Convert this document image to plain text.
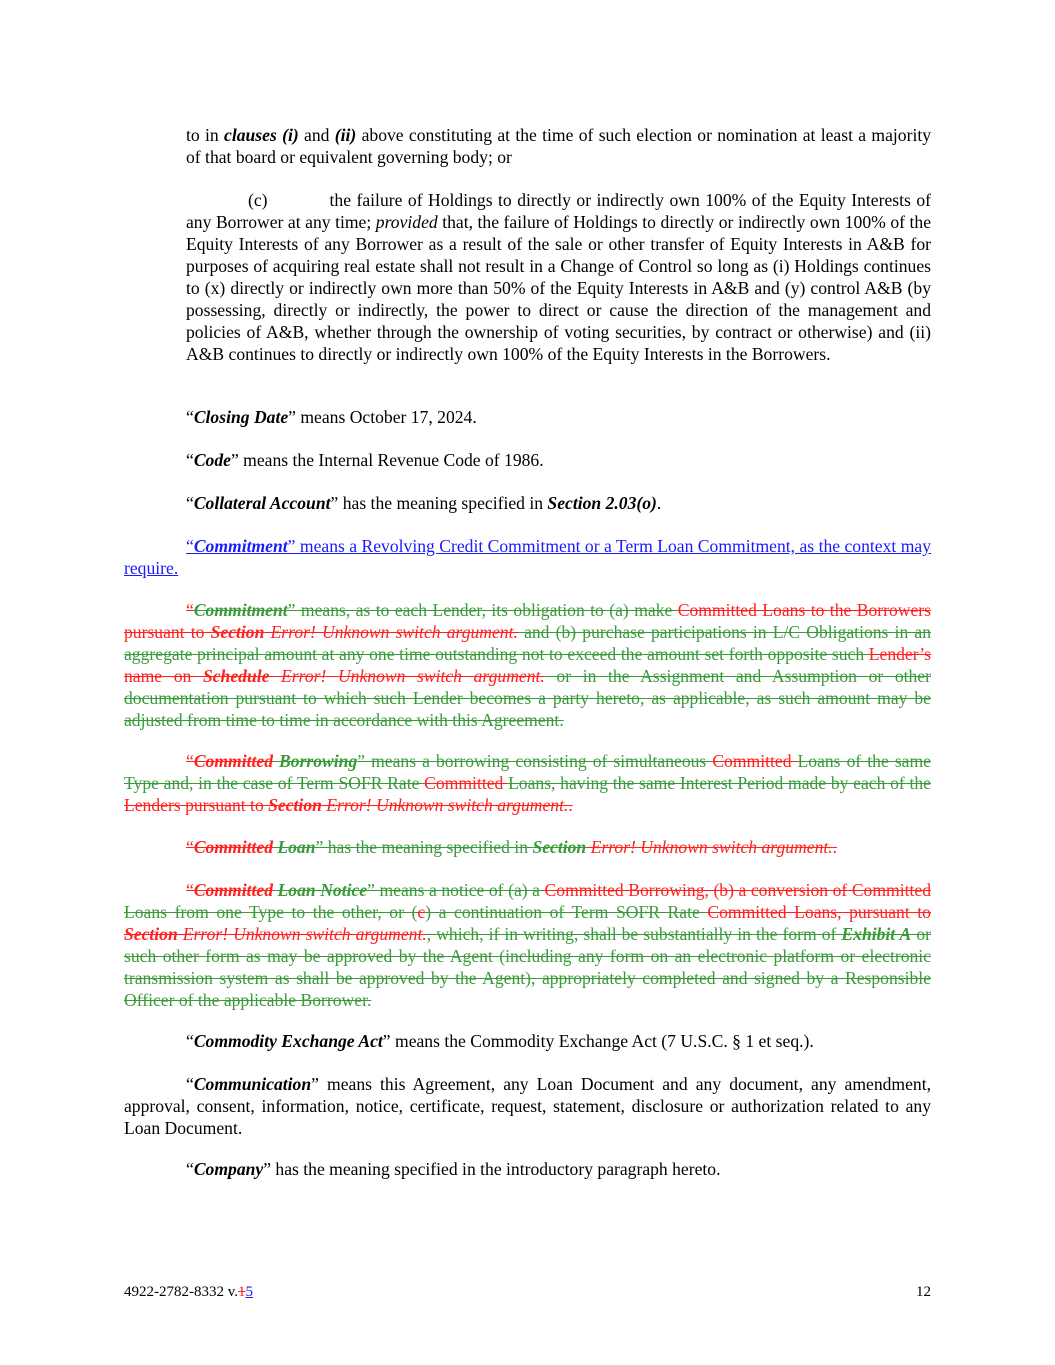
to in clauses (i) and (ii) above constituting at the time of such election or nomination at least a majority of that board or equivalent governing body; or

(c)	the failure of Holdings to directly or indirectly own 100% of the Equity Interests of any Borrower at any time; provided that, the failure of Holdings to directly or indirectly own 100% of the Equity Interests of any Borrower as a result of the sale or other transfer of Equity Interests in A&B for purposes of acquiring real estate shall not result in a Change of Control so long as (i) Holdings continues to (x) directly or indirectly own more than 50% of the Equity Interests in A&B and (y) control A&B (by possessing, directly or indirectly, the power to direct or cause the direction of the management and policies of A&B, whether through the ownership of voting securities, by contract or otherwise) and (ii) A&B continues to directly or indirectly own 100% of the Equity Interests in the Borrowers.

“Closing Date” means October 17, 2024.

“Code” means the Internal Revenue Code of 1986.

“Collateral Account” has the meaning specified in Section 2.03(o).

“Commitment” means a Revolving Credit Commitment or a Term Loan Commitment, as the context may require.

“Commitment” means, as to each Lender, its obligation to (a) make Committed Loans to the Borrowers pursuant to Section Error! Unknown switch argument. and (b) purchase participations in L/C Obligations in an aggregate principal amount at any one time outstanding not to exceed the amount set forth opposite such Lender’s name on Schedule Error! Unknown switch argument. or in the Assignment and Assumption or other documentation pursuant to which such Lender becomes a party hereto, as applicable, as such amount may be adjusted from time to time in accordance with this Agreement.

“Committed Borrowing” means a borrowing consisting of simultaneous Committed Loans of the same Type and, in the case of Term SOFR Rate Committed Loans, having the same Interest Period made by each of the Lenders pursuant to Section Error! Unknown switch argument..

“Committed Loan” has the meaning specified in Section Error! Unknown switch argument..

“Committed Loan Notice” means a notice of (a) a Committed Borrowing, (b) a conversion of Committed Loans from one Type to the other, or (c) a continuation of Term SOFR Rate Committed Loans, pursuant to Section Error! Unknown switch argument., which, if in writing, shall be substantially in the form of Exhibit A or such other form as may be approved by the Agent (including any form on an electronic platform or electronic transmission system as shall be approved by the Agent), appropriately completed and signed by a Responsible Officer of the applicable Borrower.

“Commodity Exchange Act” means the Commodity Exchange Act (7 U.S.C. § 1 et seq.).

“Communication” means this Agreement, any Loan Document and any document, any amendment, approval, consent, information, notice, certificate, request, statement, disclosure or authorization related to any Loan Document.

“Company” has the meaning specified in the introductory paragraph hereto.

4922-2782-8332 v.15	12
